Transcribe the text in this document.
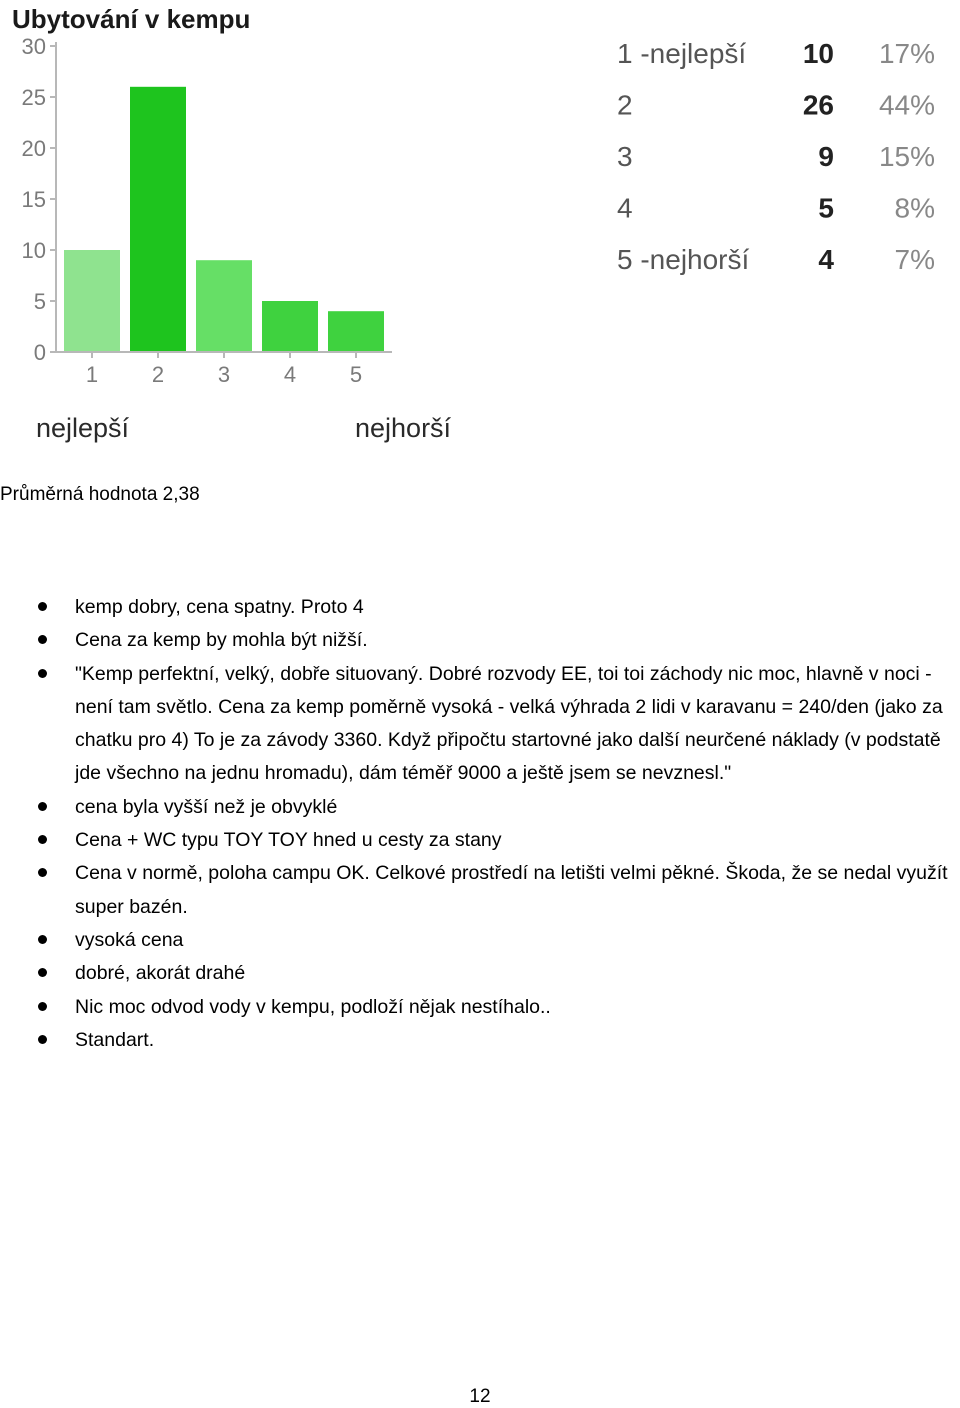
Ubytování v kempu
0
5
10
15
20
25
30
1 2 3 4 5
nejlepší	nejhorší
1 -nejlepší 10 17%
2	26 44%
3	9 15%
4	5 8%
5 -nejhorší 4 7%
Průměrná hodnota 2,38
kemp dobry, cena spatny. Proto 4
Cena za kemp by mohla být nižší.
"Kemp perfektní, velký, dobře situovaný. Dobré rozvody EE, toi toi záchody nic moc, hlavně v noci - není tam světlo. Cena za kemp poměrně vysoká - velká výhrada 2 lidi v karavanu = 240/den (jako za chatku pro 4) To je za závody 3360. Když připočtu startovné jako další neurčené náklady (v podstatě jde všechno na jednu hromadu), dám téměř 9000 a ještě jsem se nevznesl."
cena byla vyšší než je obvyklé
Cena + WC typu TOY TOY hned u cesty za stany
Cena v normě, poloha campu OK. Celkové prostředí na letišti velmi pěkné. Škoda, že se nedal využít super bazén.
vysoká cena
dobré, akorát drahé
Nic moc odvod vody v kempu, podloží nějak nestíhalo..
Standart.
12
